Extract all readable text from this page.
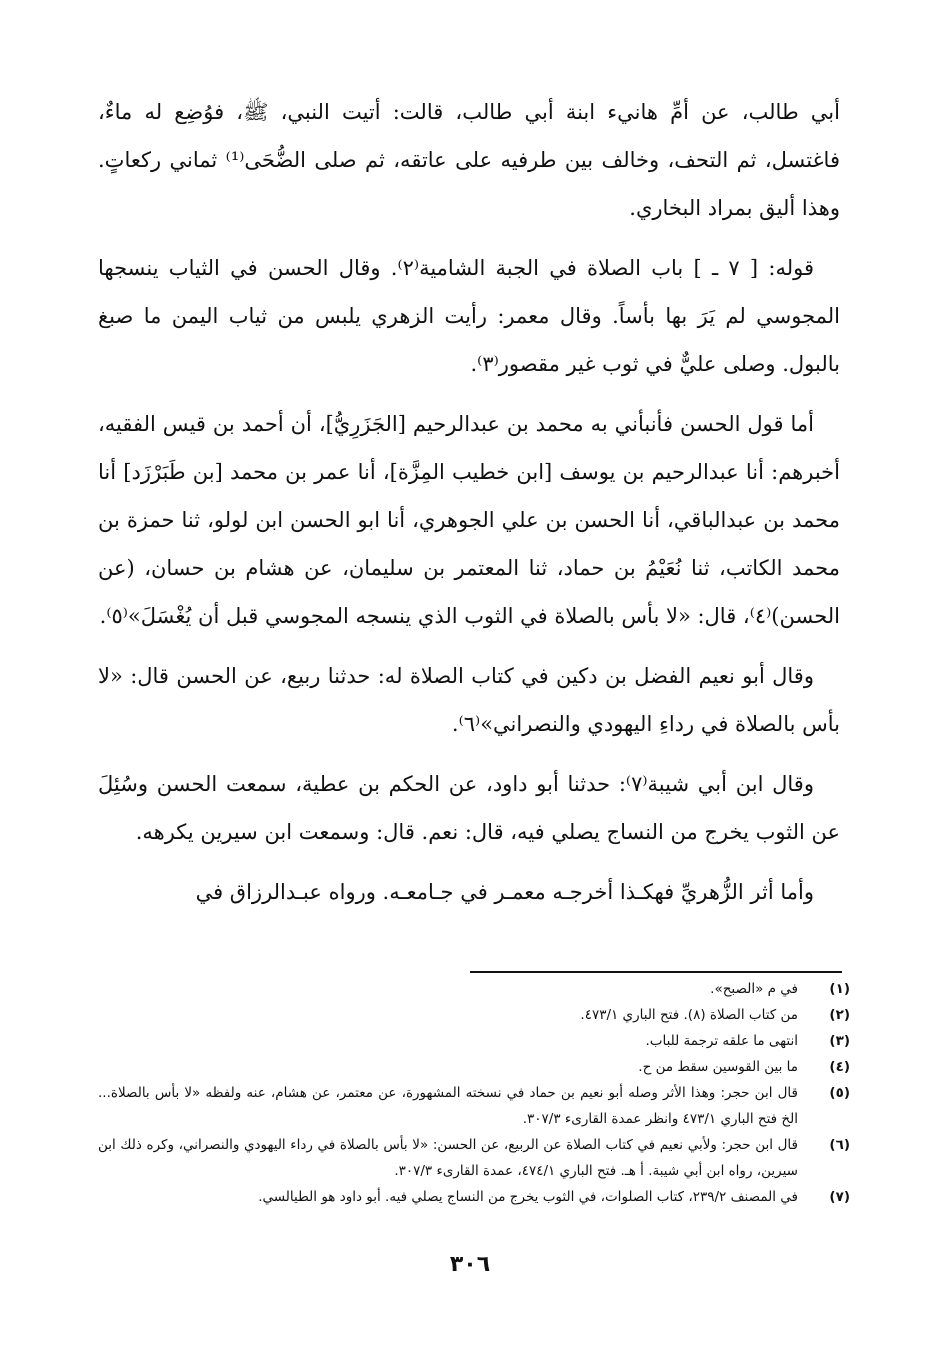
أبي طالب، عن أمِّ هانيء ابنة أبي طالب، قالت: أتيت النبي، ﷺ، فوُضِع له ماءٌ، فاغتسل، ثم التحف، وخالف بين طرفيه على عاتقه، ثم صلى الضُّحَى⁽¹⁾ ثماني ركعاتٍ. وهذا أليق بمراد البخاري.

قوله: [ ٧ ـ ] باب الصلاة في الجبة الشامية⁽٢⁾. وقال الحسن في الثياب ينسجها المجوسي لم يَرَ بها بأساً. وقال معمر: رأيت الزهري يلبس من ثياب اليمن ما صبغ بالبول. وصلى عليٌّ في ثوب غير مقصور⁽٣⁾.

أما قول الحسن فأنبأني به محمد بن عبدالرحيم [الجَزَرِيُّ]، أن أحمد بن قيس الفقيه، أخبرهم: أنا عبدالرحيم بن يوسف [ابن خطيب المِزَّة]، أنا عمر بن محمد [بن طَبَرْزَد] أنا محمد بن عبدالباقي، أنا الحسن بن علي الجوهري، أنا ابو الحسن ابن لولو، ثنا حمزة بن محمد الكاتب، ثنا نُعَيْمُ بن حماد، ثنا المعتمر بن سليمان، عن هشام بن حسان، (عن الحسن)⁽٤⁾، قال: «لا بأس بالصلاة في الثوب الذي ينسجه المجوسي قبل أن يُغْسَلَ»⁽٥⁾.

وقال أبو نعيم الفضل بن دكين في كتاب الصلاة له: حدثنا ربيع، عن الحسن قال: «لا بأس بالصلاة في رداءِ اليهودي والنصراني»⁽٦⁾.

وقال ابن أبي شيبة⁽٧⁾: حدثنا أبو داود، عن الحكم بن عطية، سمعت الحسن وسُئِلَ عن الثوب يخرج من النساج يصلي فيه، قال: نعم. قال: وسمعت ابن سيرين يكرهه.

وأما أثر الزُّهريِّ فهكـذا أخرجـه معمـر في جـامعـه. ورواه عبـدالرزاق في

(١)
في م «الصبح».
(٢)
من كتاب الصلاة (٨). فتح الباري ٤٧٣/١.
(٣)
انتهى ما علقه ترجمة للباب.
(٤)
ما بين القوسين سقط من ح.
(٥)
قال ابن حجر: وهذا الأثر وصله أبو نعيم بن حماد في نسخته المشهورة، عن معتمر، عن هشام، عنه ولفظه «لا بأس بالصلاة... الخ فتح الباري ٤٧٣/١ وانظر عمدة القارىء ٣٠٧/٣.
(٦)
قال ابن حجر: ولأبي نعيم في كتاب الصلاة عن الربيع، عن الحسن: «لا بأس بالصلاة في رداء اليهودي والنصراني، وكره ذلك ابن سيرين، رواه ابن أبي شيبة. أ هـ. فتح الباري ٤٧٤/١، عمدة القارىء ٣٠٧/٣.
(٧)
في المصنف ٢٣٩/٢، كتاب الصلوات، في الثوب يخرج من النساج يصلي فيه. أبو داود هو الطيالسي.
٣٠٦
